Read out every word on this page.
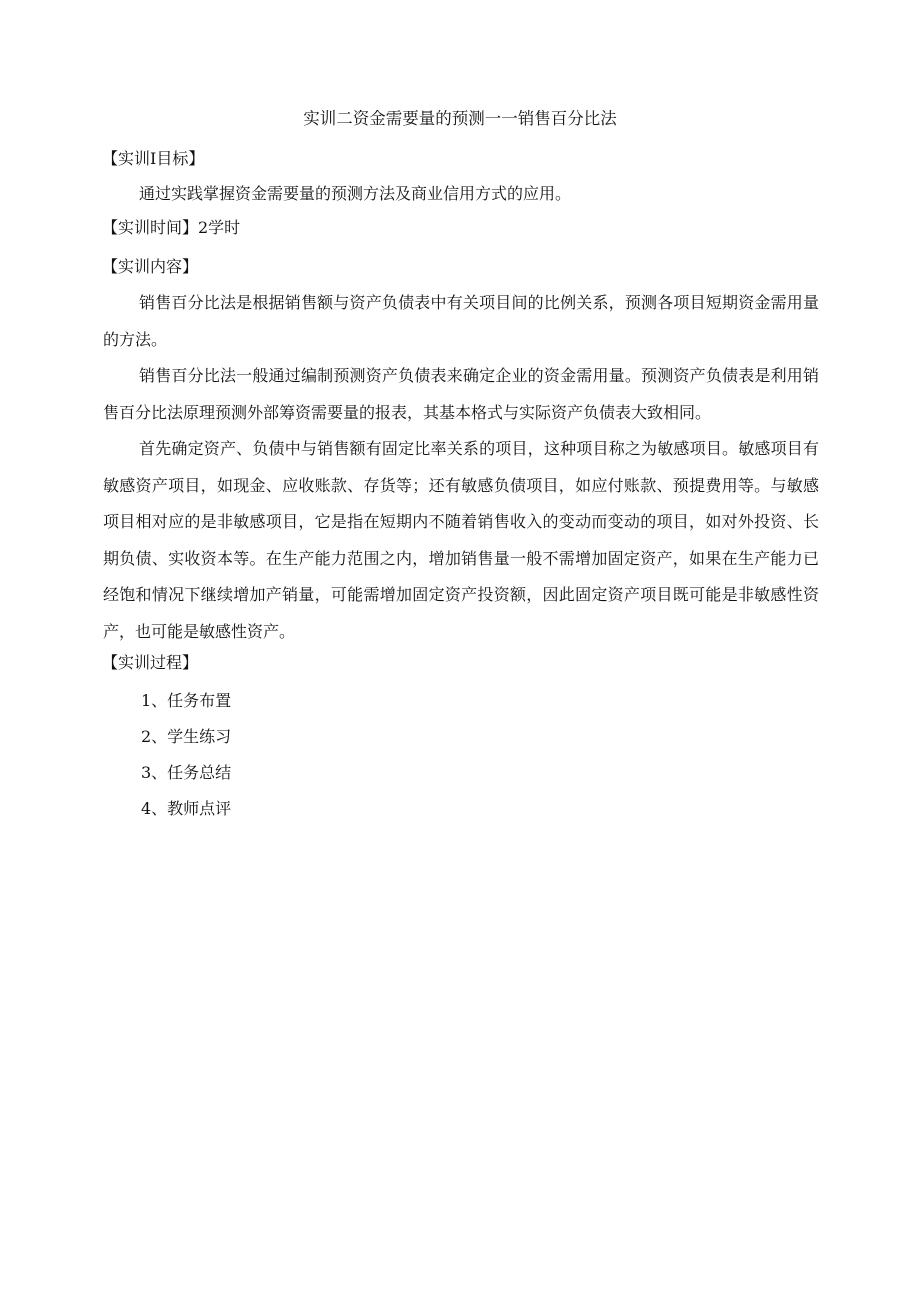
实训二资金需要量的预测一一销售百分比法
【实训I目标】
通过实践掌握资金需要量的预测方法及商业信用方式的应用。
【实训时间】2学时
【实训内容】
销售百分比法是根据销售额与资产负债表中有关项目间的比例关系，预测各项目短期资金需用量的方法。
销售百分比法一般通过编制预测资产负债表来确定企业的资金需用量。预测资产负债表是利用销售百分比法原理预测外部筹资需要量的报表，其基本格式与实际资产负债表大致相同。
首先确定资产、负债中与销售额有固定比率关系的项目，这种项目称之为敏感项目。敏感项目有敏感资产项目，如现金、应收账款、存货等；还有敏感负债项目，如应付账款、预提费用等。与敏感项目相对应的是非敏感项目，它是指在短期内不随着销售收入的变动而变动的项目，如对外投资、长期负债、实收资本等。在生产能力范围之内，增加销售量一般不需增加固定资产，如果在生产能力已经饱和情况下继续增加产销量，可能需增加固定资产投资额，因此固定资产项目既可能是非敏感性资产，也可能是敏感性资产。
【实训过程】
1、任务布置
2、学生练习
3、任务总结
4、教师点评
